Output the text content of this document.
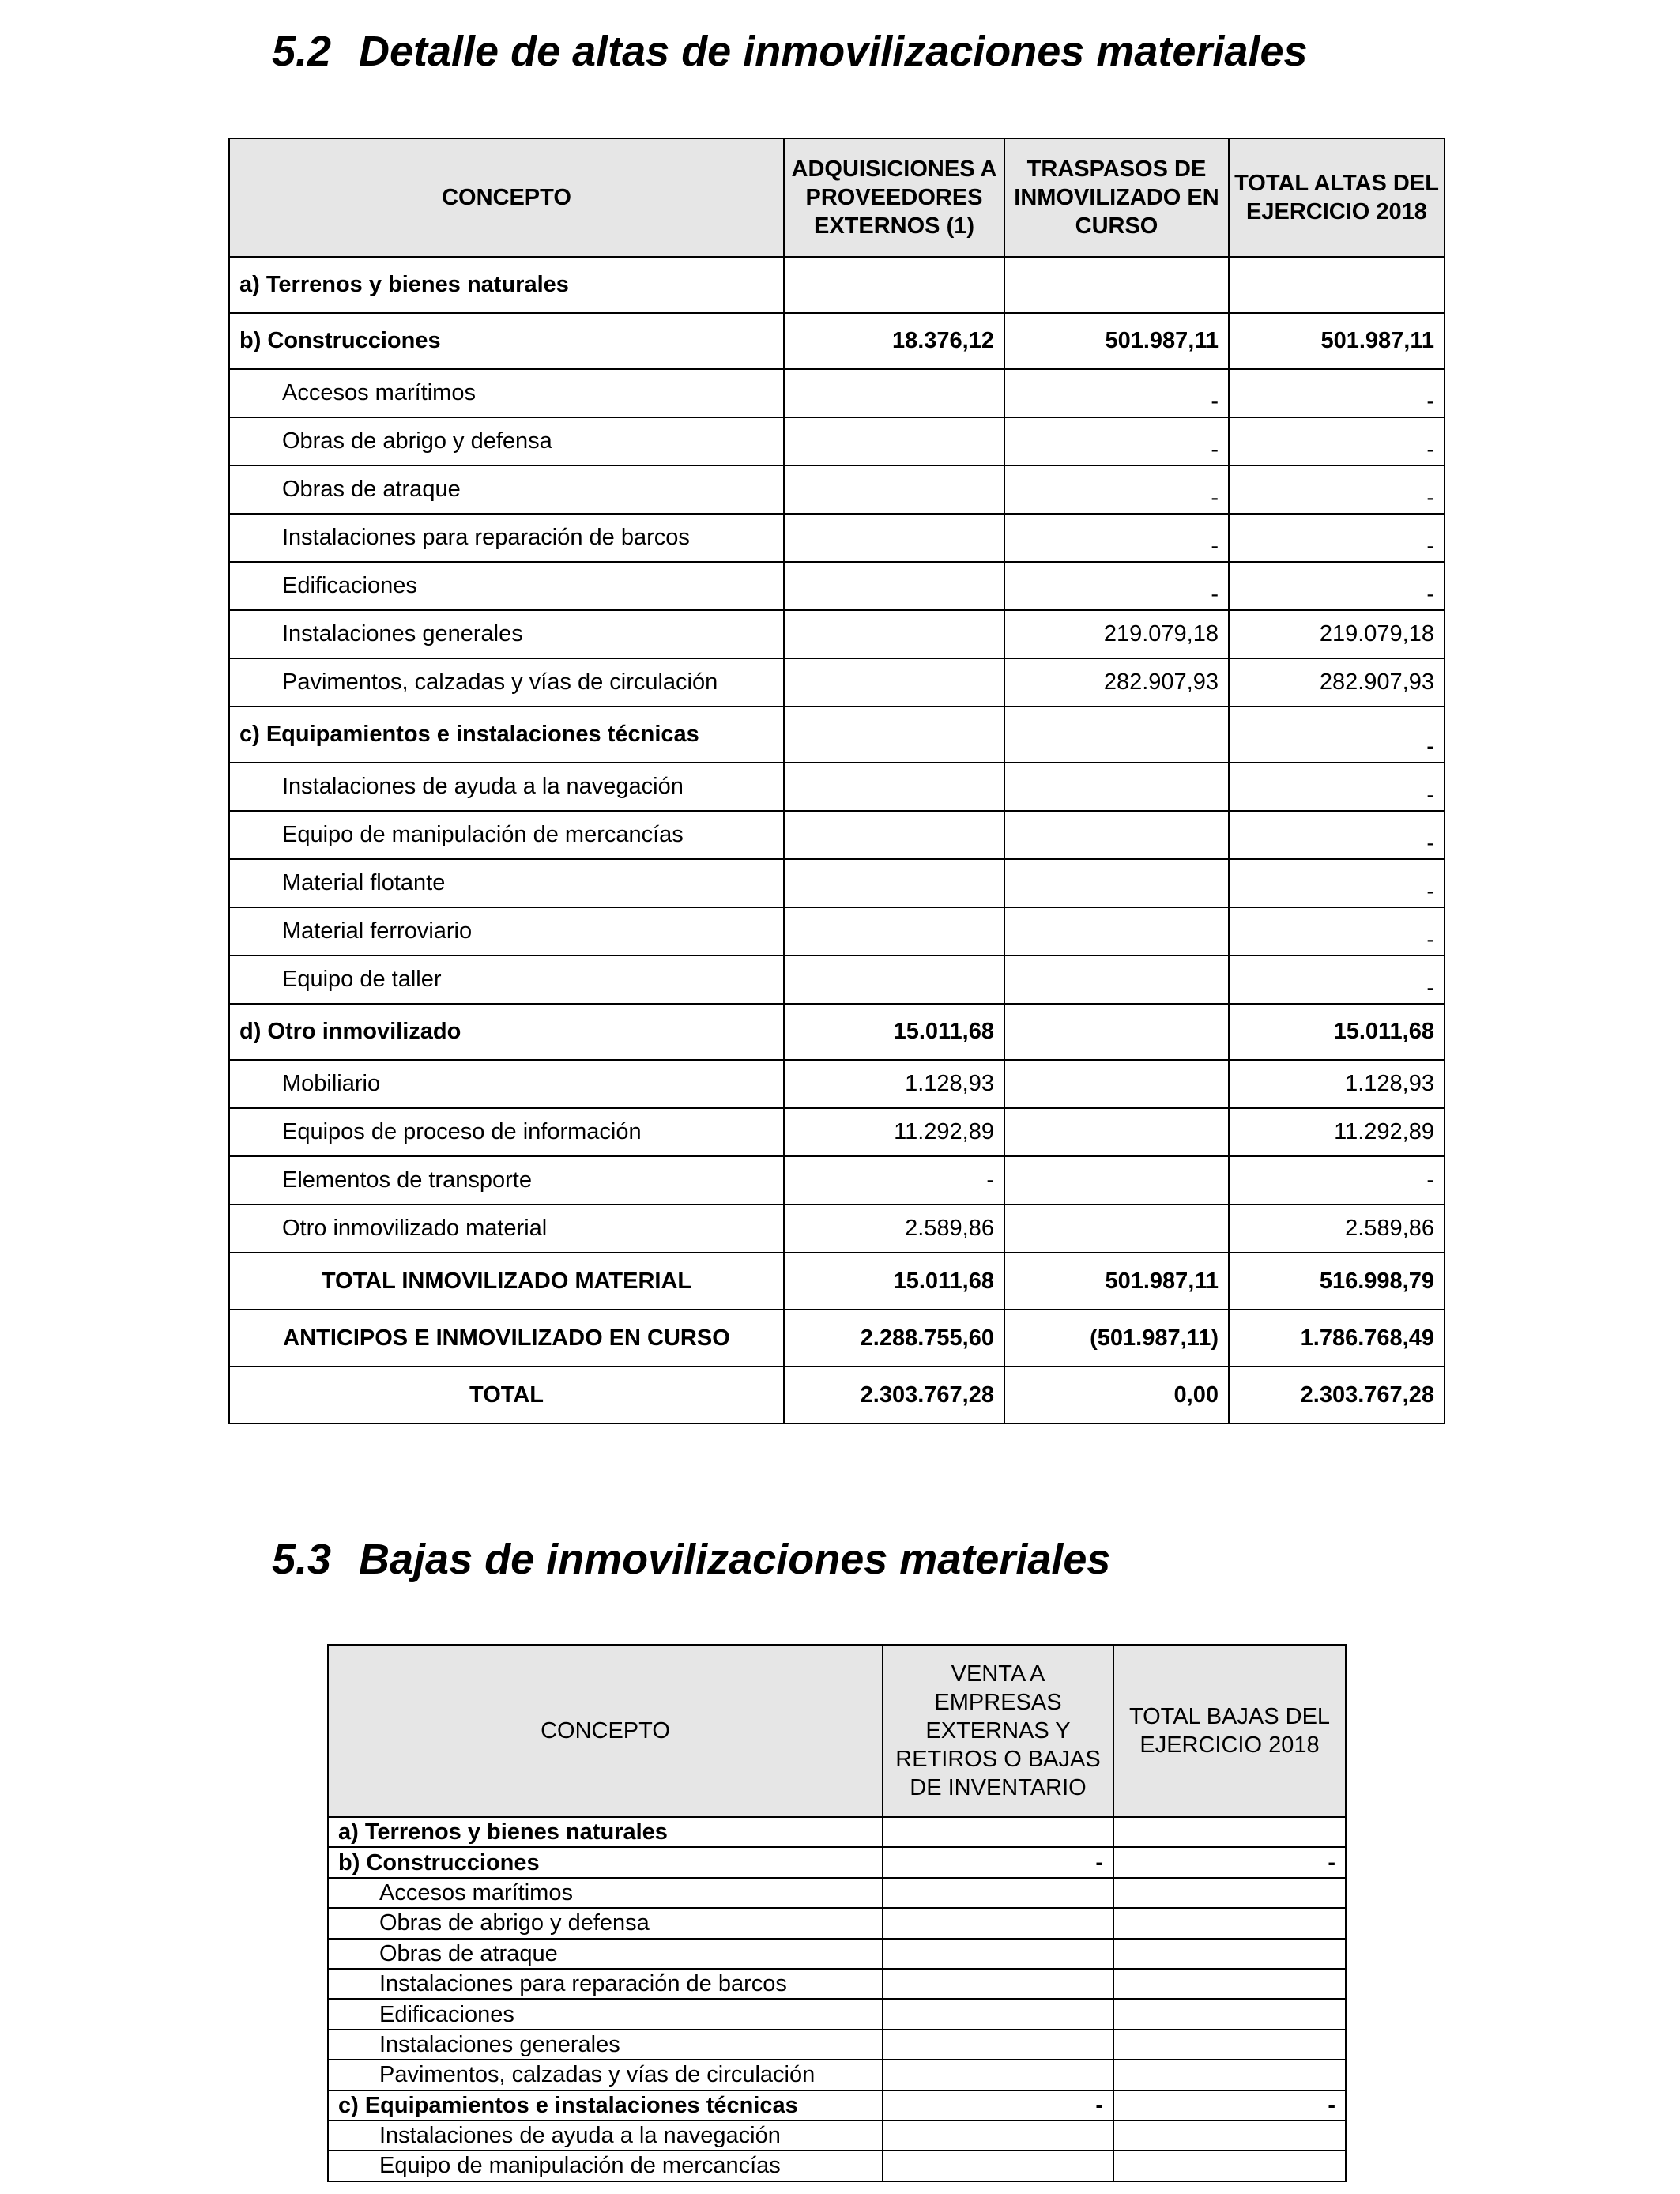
5.2 Detalle de altas de inmovilizaciones materiales
CONCEPTO	ADQUISICIONES A PROVEEDORES EXTERNOS (1)	TRASPASOS DE INMOVILIZADO EN CURSO	TOTAL ALTAS DEL EJERCICIO 2018
a) Terrenos y bienes naturales			
b) Construcciones	18.376,12	501.987,11	501.987,11
Accesos marítimos		-	-
Obras de abrigo y defensa		-	-
Obras de atraque		-	-
Instalaciones para reparación de barcos		-	-
Edificaciones		-	-
Instalaciones generales		219.079,18	219.079,18
Pavimentos, calzadas y vías de circulación		282.907,93	282.907,93
c) Equipamientos e instalaciones técnicas			-
Instalaciones de ayuda a la navegación			-
Equipo de manipulación de mercancías			-
Material flotante			-
Material ferroviario			-
Equipo de taller			-
d) Otro inmovilizado	15.011,68		15.011,68
Mobiliario	1.128,93		1.128,93
Equipos de proceso de información	11.292,89		11.292,89
Elementos de transporte	-		-
Otro inmovilizado material	2.589,86		2.589,86
TOTAL INMOVILIZADO MATERIAL	15.011,68	501.987,11	516.998,79
ANTICIPOS E INMOVILIZADO EN CURSO	2.288.755,60	(501.987,11)	1.786.768,49
TOTAL	2.303.767,28	0,00	2.303.767,28
5.3 Bajas de inmovilizaciones materiales
CONCEPTO	VENTA A EMPRESAS EXTERNAS Y RETIROS O BAJAS DE INVENTARIO	TOTAL BAJAS DEL EJERCICIO 2018
a) Terrenos y bienes naturales		
b) Construcciones	-	-
Accesos marítimos		
Obras de abrigo y defensa		
Obras de atraque		
Instalaciones para reparación de barcos		
Edificaciones		
Instalaciones generales		
Pavimentos, calzadas y vías de circulación		
c) Equipamientos e instalaciones técnicas	-	-
Instalaciones de ayuda a la navegación		
Equipo de manipulación de mercancías		
